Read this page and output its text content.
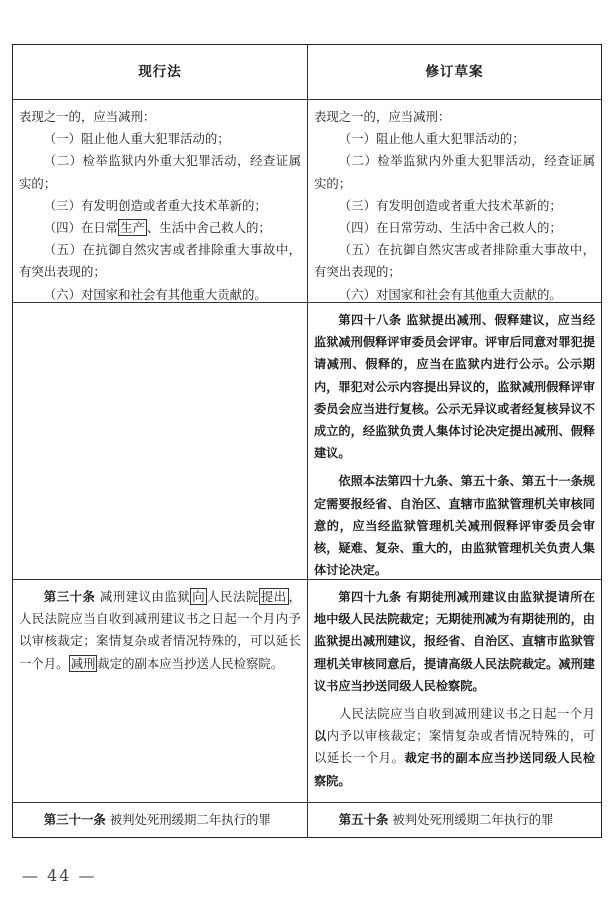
现行法	修订草案

表现之一的，应当减刑：

（一）阻止他人重大犯罪活动的；

（二）检举监狱内外重大犯罪活动，经查证属实的；

（三）有发明创造或者重大技术革新的；

（四）在日常 生产 、生活中舍己救人的；

（五）在抗御自然灾害或者排除重大事故中，有突出表现的；

（六）对国家和社会有其他重大贡献的。

表现之一的，应当减刑：

（一）阻止他人重大犯罪活动的；

（二）检举监狱内外重大犯罪活动，经查证属实的；

（三）有发明创造或者重大技术革新的；

（四）在日常劳动、生活中舍己救人的；

（五）在抗御自然灾害或者排除重大事故中，有突出表现的；

（六）对国家和社会有其他重大贡献的。

第四十八条 监狱提出减刑、假释建议，应当经监狱减刑假释评审委员会评审。评审后同意对罪犯提请减刑、假释的，应当在监狱内进行公示。公示期内，罪犯对公示内容提出异议的，监狱减刑假释评审委员会应当进行复核。公示无异议或者经复核异议不成立的，经监狱负责人集体讨论决定提出减刑、假释建议。

依照本法第四十九条、第五十条、第五十一条规定需要报经省、自治区、直辖市监狱管理机关审核同意的，应当经监狱管理机关减刑假释评审委员会审核，疑难、复杂、重大的，由监狱管理机关负责人集体讨论决定。

第三十条 减刑建议由监狱 向 人民法院 提出 ，人民法院应当自收到减刑建议书之日起一个月内予以审核裁定；案情复杂或者情况特殊的，可以延长一个月。 减刑 裁定的副本应当抄送人民检察院。

第四十九条 有期徒刑减刑建议由监狱提请所在地中级人民法院裁定；无期徒刑减为有期徒刑的，由监狱提出减刑建议，报经省、自治区、直辖市监狱管理机关审核同意后，提请高级人民法院裁定。减刑建议书应当抄送同级人民检察院。

人民法院应当自收到减刑建议书之日起一个月以内予以审核裁定；案情复杂或者情况特殊的，可以延长一个月。裁定书的副本应当抄送同级人民检察院。

第三十一条 被判处死刑缓期二年执行的罪	第五十条 被判处死刑缓期二年执行的罪

— 44 —
